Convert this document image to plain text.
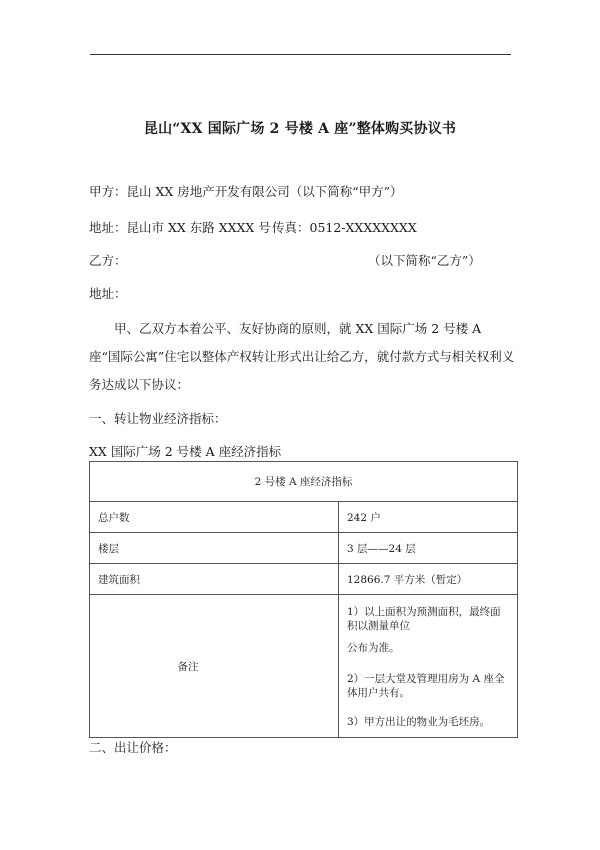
昆山“XX 国际广场 2 号楼 A 座”整体购买协议书
甲方：昆山 XX 房地产开发有限公司（以下简称“甲方”）
地址：昆山市 XX 东路 XXXX 号 传真：0512-XXXXXXXX
乙方：	（以下简称“乙方”）
地址：
甲、乙双方本着公平、友好协商的原则，就 XX 国际广场 2 号楼 A 座“国际公寓”住宅以整体产权转让形式出让给乙方，就付款方式与相关权利义务达成以下协议：
一、转让物业经济指标：
XX 国际广场 2 号楼 A 座经济指标
2 号楼 A 座经济指标	
总户数	242 户
楼层	3 层——24 层
建筑面积	12866.7 平方米（暂定）
备注	1）以上面积为预测面积，最终面积以测量单位
公布为准。
2）一层大堂及管理用房为 A 座全体用户共有。
3）甲方出让的物业为毛坯房。
二、出让价格：
